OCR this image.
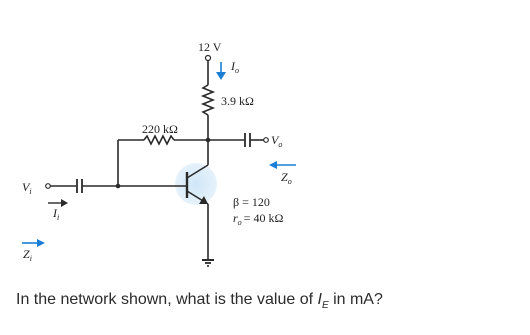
12 V
$I_o$
3.9 kΩ
220 kΩ
$V_o$
$Z_o$
β = 120
$r_o = 40$ kΩ
$V_i$
$I_i$
$Z_i$

In the network shown, what is the value of $I_E$ in mA?
